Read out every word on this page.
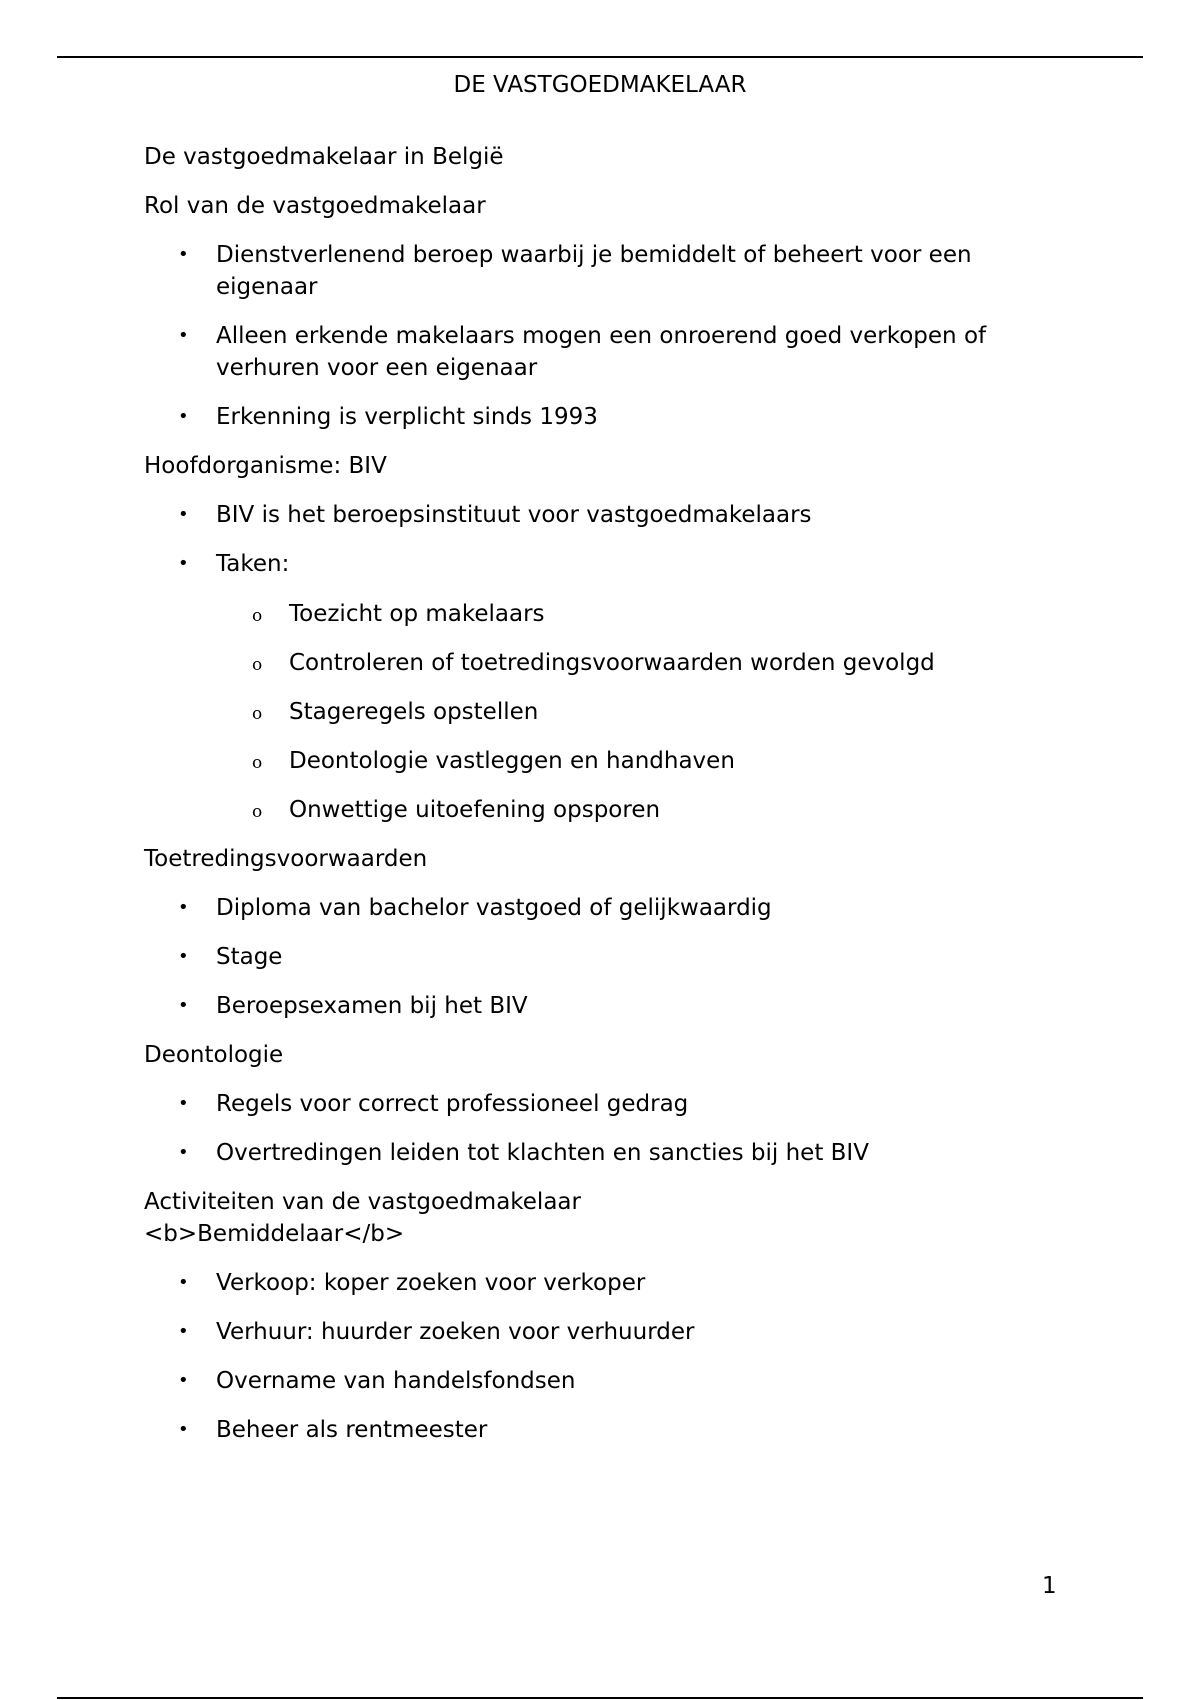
DE VASTGOEDMAKELAAR

De vastgoedmakelaar in België

Rol van de vastgoedmakelaar

• Dienstverlenend beroep waarbij je bemiddelt of beheert voor een eigenaar
• Alleen erkende makelaars mogen een onroerend goed verkopen of verhuren voor een eigenaar
• Erkenning is verplicht sinds 1993

Hoofdorganisme: BIV

• BIV is het beroepsinstituut voor vastgoedmakelaars
• Taken:
o Toezicht op makelaars
o Controleren of toetredingsvoorwaarden worden gevolgd
o Stageregels opstellen
o Deontologie vastleggen en handhaven
o Onwettige uitoefening opsporen

Toetredingsvoorwaarden

• Diploma van bachelor vastgoed of gelijkwaardig
• Stage
• Beroepsexamen bij het BIV

Deontologie

• Regels voor correct professioneel gedrag
• Overtredingen leiden tot klachten en sancties bij het BIV
Activiteiten van de vastgoedmakelaar
<b>Bemiddelaar</b>
• Verkoop: koper zoeken voor verkoper
• Verhuur: huurder zoeken voor verhuurder
• Overname van handelsfondsen
• Beheer als rentmeester
1
